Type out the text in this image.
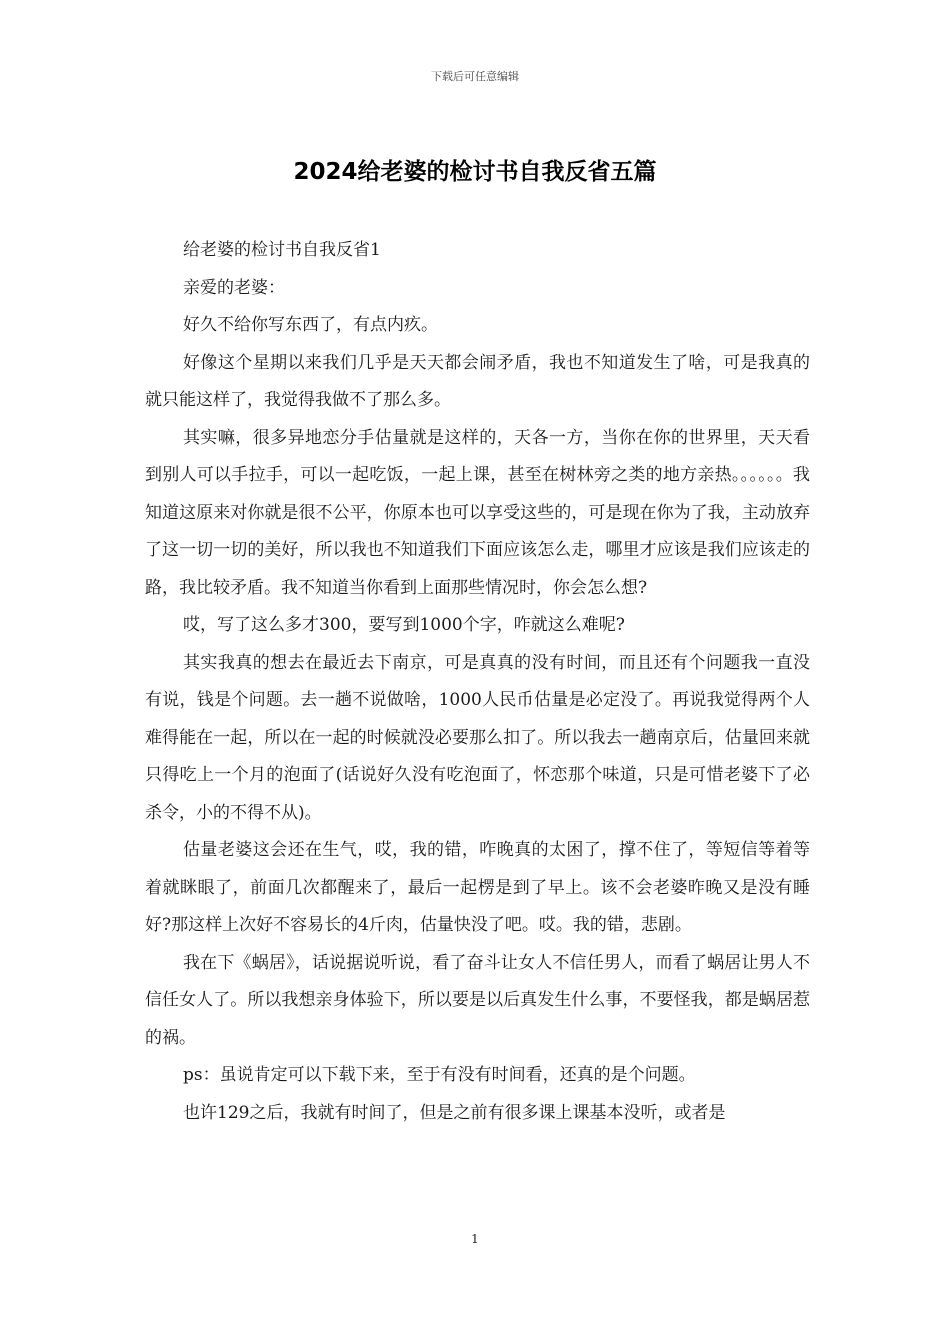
下载后可任意编辑
2024给老婆的检讨书自我反省五篇

给老婆的检讨书自我反省1

亲爱的老婆：

好久不给你写东西了，有点内疚。

好像这个星期以来我们几乎是天天都会闹矛盾，我也不知道发生了啥，可是我真的就只能这样了，我觉得我做不了那么多。

其实嘛，很多异地恋分手估量就是这样的，天各一方，当你在你的世界里，天天看到别人可以手拉手，可以一起吃饭，一起上课，甚至在树林旁之类的地方亲热。。。。。。我知道这原来对你就是很不公平，你原本也可以享受这些的，可是现在你为了我，主动放弃了这一切一切的美好，所以我也不知道我们下面应该怎么走，哪里才应该是我们应该走的路，我比较矛盾。我不知道当你看到上面那些情况时，你会怎么想?

哎，写了这么多才300，要写到1000个字，咋就这么难呢?

其实我真的想去在最近去下南京，可是真真的没有时间，而且还有个问题我一直没有说，钱是个问题。去一趟不说做啥，1000人民币估量是必定没了。再说我觉得两个人难得能在一起，所以在一起的时候就没必要那么扣了。所以我去一趟南京后，估量回来就只得吃上一个月的泡面了(话说好久没有吃泡面了，怀恋那个味道，只是可惜老婆下了必杀令，小的不得不从)。

估量老婆这会还在生气，哎，我的错，咋晚真的太困了，撑不住了，等短信等着等着就眯眼了，前面几次都醒来了，最后一起楞是到了早上。该不会老婆昨晚又是没有睡好?那这样上次好不容易长的4斤肉，估量快没了吧。哎。我的错，悲剧。

我在下《蜗居》，话说据说听说，看了奋斗让女人不信任男人，而看了蜗居让男人不信任女人了。所以我想亲身体验下，所以要是以后真发生什么事，不要怪我，都是蜗居惹的祸。

ps：虽说肯定可以下载下来，至于有没有时间看，还真的是个问题。

也许129之后，我就有时间了，但是之前有很多课上课基本没听，或者是

1
